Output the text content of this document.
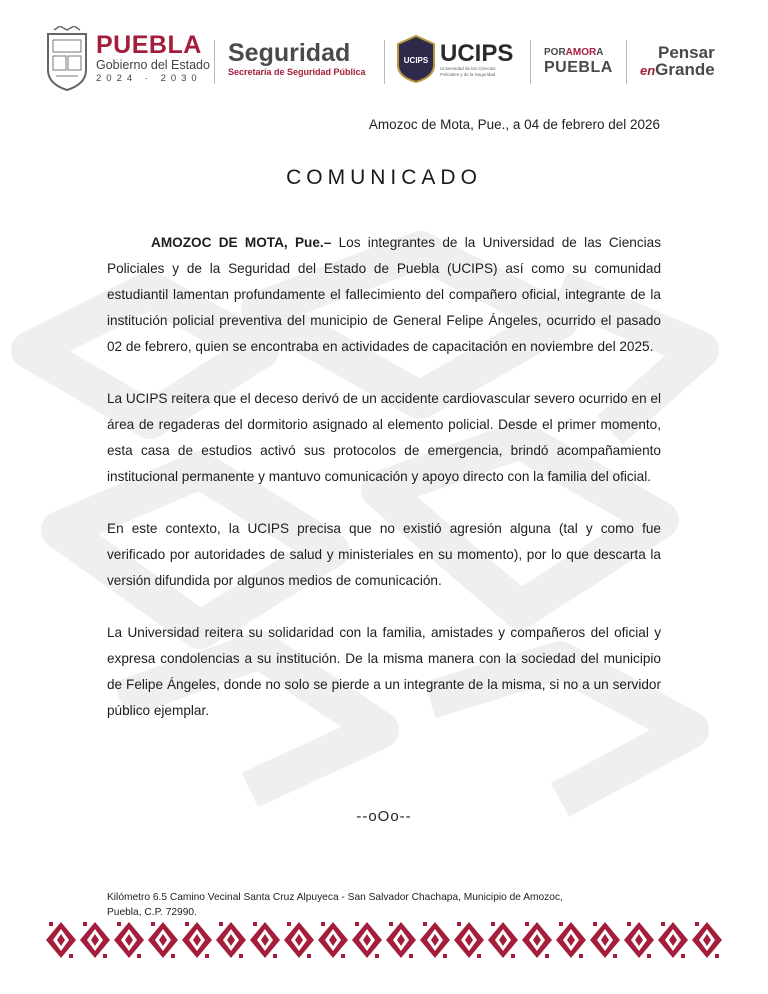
PUEBLA
Gobierno del Estado
2024 · 2030
Seguridad
Secretaría de Seguridad Pública
UCIPS UCIPS
Universidad de las Ciencias Policiales y de la Seguridad
PORAMORA
PUEBLA
Pensar
enGrande
Amozoc de Mota, Pue., a 04 de febrero del 2026
COMUNICADO

AMOZOC DE MOTA, Pue.– Los integrantes de la Universidad de las Ciencias Policiales y de la Seguridad del Estado de Puebla (UCIPS) así como su comunidad estudiantil lamentan profundamente el fallecimiento del compañero oficial, integrante de la institución policial preventiva del municipio de General Felipe Ángeles, ocurrido el pasado 02 de febrero, quien se encontraba en actividades de capacitación en noviembre del 2025.

La UCIPS reitera que el deceso derivó de un accidente cardiovascular severo ocurrido en el área de regaderas del dormitorio asignado al elemento policial. Desde el primer momento, esta casa de estudios activó sus protocolos de emergencia, brindó acompañamiento institucional permanente y mantuvo comunicación y apoyo directo con la familia del oficial.

En este contexto, la UCIPS precisa que no existió agresión alguna (tal y como fue verificado por autoridades de salud y ministeriales en su momento), por lo que descarta la versión difundida por algunos medios de comunicación.

La Universidad reitera su solidaridad con la familia, amistades y compañeros del oficial y expresa condolencias a su institución. De la misma manera con la sociedad del municipio de Felipe Ángeles, donde no solo se pierde a un integrante de la misma, si no a un servidor público ejemplar.

--oOo--
Kilómetro 6.5 Camino Vecinal Santa Cruz Alpuyeca - San Salvador Chachapa, Municipio de Amozoc,
Puebla, C.P. 72990.
